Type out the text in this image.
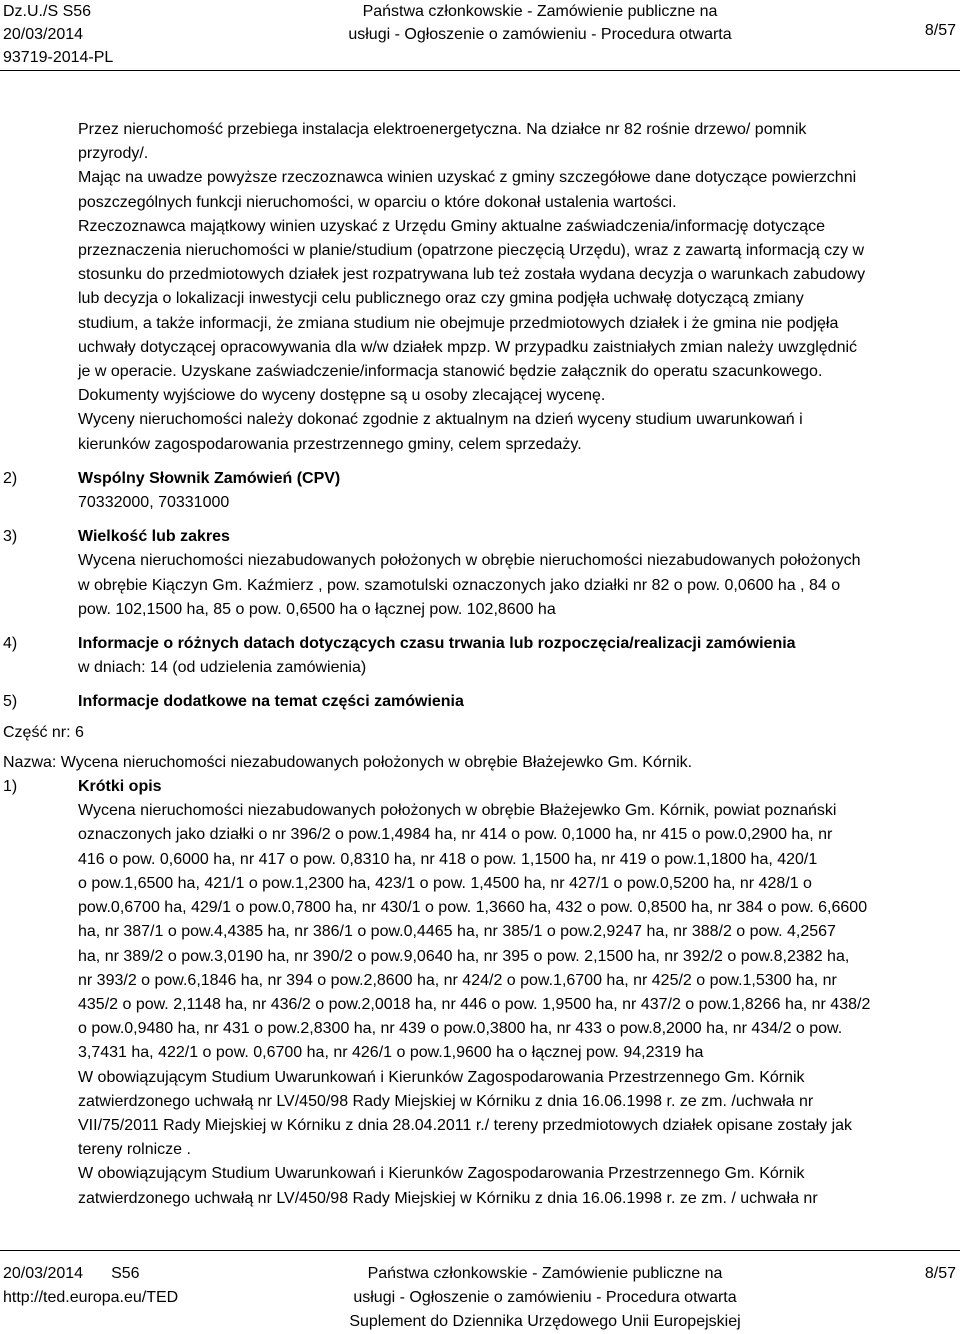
Dz.U./S S56
20/03/2014
93719-2014-PL
Państwa członkowskie - Zamówienie publiczne na
usługi - Ogłoszenie o zamówieniu - Procedura otwarta	8/57
Przez nieruchomość przebiega instalacja elektroenergetyczna. Na działce nr 82 rośnie drzewo/ pomnik
przyrody/.
Mając na uwadze powyższe rzeczoznawca winien uzyskać z gminy szczegółowe dane dotyczące powierzchni
poszczególnych funkcji nieruchomości, w oparciu o które dokonał ustalenia wartości.
Rzeczoznawca majątkowy winien uzyskać z Urzędu Gminy aktualne zaświadczenia/informację dotyczące
przeznaczenia nieruchomości w planie/studium (opatrzone pieczęcią Urzędu), wraz z zawartą informacją czy w
stosunku do przedmiotowych działek jest rozpatrywana lub też została wydana decyzja o warunkach zabudowy
lub decyzja o lokalizacji inwestycji celu publicznego oraz czy gmina podjęła uchwałę dotyczącą zmiany
studium, a także informacji, że zmiana studium nie obejmuje przedmiotowych działek i że gmina nie podjęła
uchwały dotyczącej opracowywania dla w/w działek mpzp. W przypadku zaistniałych zmian należy uwzględnić
je w operacie. Uzyskane zaświadczenie/informacja stanowić będzie załącznik do operatu szacunkowego.
Dokumenty wyjściowe do wyceny dostępne są u osoby zlecającej wycenę.
Wyceny nieruchomości należy dokonać zgodnie z aktualnym na dzień wyceny studium uwarunkowań i
kierunków zagospodarowania przestrzennego gminy, celem sprzedaży.
2)	Wspólny Słownik Zamówień (CPV)
70332000, 70331000
3)	Wielkość lub zakres
Wycena nieruchomości niezabudowanych położonych w obrębie nieruchomości niezabudowanych położonych
w obrębie Kiączyn Gm. Kaźmierz , pow. szamotulski oznaczonych jako działki nr 82 o pow. 0,0600 ha , 84 o
pow. 102,1500 ha, 85 o pow. 0,6500 ha o łącznej pow. 102,8600 ha
4)	Informacje o różnych datach dotyczących czasu trwania lub rozpoczęcia/realizacji zamówienia
w dniach: 14 (od udzielenia zamówienia)
5)	Informacje dodatkowe na temat części zamówienia
Część nr: 6
Nazwa: Wycena nieruchomości niezabudowanych położonych w obrębie Błażejewko Gm. Kórnik.
1)	Krótki opis
Wycena nieruchomości niezabudowanych położonych w obrębie Błażejewko Gm. Kórnik, powiat poznański
oznaczonych jako działki o nr 396/2 o pow.1,4984 ha, nr 414 o pow. 0,1000 ha, nr 415 o pow.0,2900 ha, nr
416 o pow. 0,6000 ha, nr 417 o pow. 0,8310 ha, nr 418 o pow. 1,1500 ha, nr 419 o pow.1,1800 ha, 420/1
o pow.1,6500 ha, 421/1 o pow.1,2300 ha, 423/1 o pow. 1,4500 ha, nr 427/1 o pow.0,5200 ha, nr 428/1 o
pow.0,6700 ha, 429/1 o pow.0,7800 ha, nr 430/1 o pow. 1,3660 ha, 432 o pow. 0,8500 ha, nr 384 o pow. 6,6600
ha, nr 387/1 o pow.4,4385 ha, nr 386/1 o pow.0,4465 ha, nr 385/1 o pow.2,9247 ha, nr 388/2 o pow. 4,2567
ha, nr 389/2 o pow.3,0190 ha, nr 390/2 o pow.9,0640 ha, nr 395 o pow. 2,1500 ha, nr 392/2 o pow.8,2382 ha,
nr 393/2 o pow.6,1846 ha, nr 394 o pow.2,8600 ha, nr 424/2 o pow.1,6700 ha, nr 425/2 o pow.1,5300 ha, nr
435/2 o pow. 2,1148 ha, nr 436/2 o pow.2,0018 ha, nr 446 o pow. 1,9500 ha, nr 437/2 o pow.1,8266 ha, nr 438/2
o pow.0,9480 ha, nr 431 o pow.2,8300 ha, nr 439 o pow.0,3800 ha, nr 433 o pow.8,2000 ha, nr 434/2 o pow.
3,7431 ha, 422/1 o pow. 0,6700 ha, nr 426/1 o pow.1,9600 ha o łącznej pow. 94,2319 ha
W obowiązującym Studium Uwarunkowań i Kierunków Zagospodarowania Przestrzennego Gm. Kórnik
zatwierdzonego uchwałą nr LV/450/98 Rady Miejskiej w Kórniku z dnia 16.06.1998 r. ze zm. /uchwała nr
VII/75/2011 Rady Miejskiej w Kórniku z dnia 28.04.2011 r./ tereny przedmiotowych działek opisane zostały jak
tereny rolnicze .
W obowiązującym Studium Uwarunkowań i Kierunków Zagospodarowania Przestrzennego Gm. Kórnik
zatwierdzonego uchwałą nr LV/450/98 Rady Miejskiej w Kórniku z dnia 16.06.1998 r. ze zm. / uchwała nr
20/03/2014 S56
http://ted.europa.eu/TED
Państwa członkowskie - Zamówienie publiczne na
usługi - Ogłoszenie o zamówieniu - Procedura otwarta
Suplement do Dziennika Urzędowego Unii Europejskiej
8/57
